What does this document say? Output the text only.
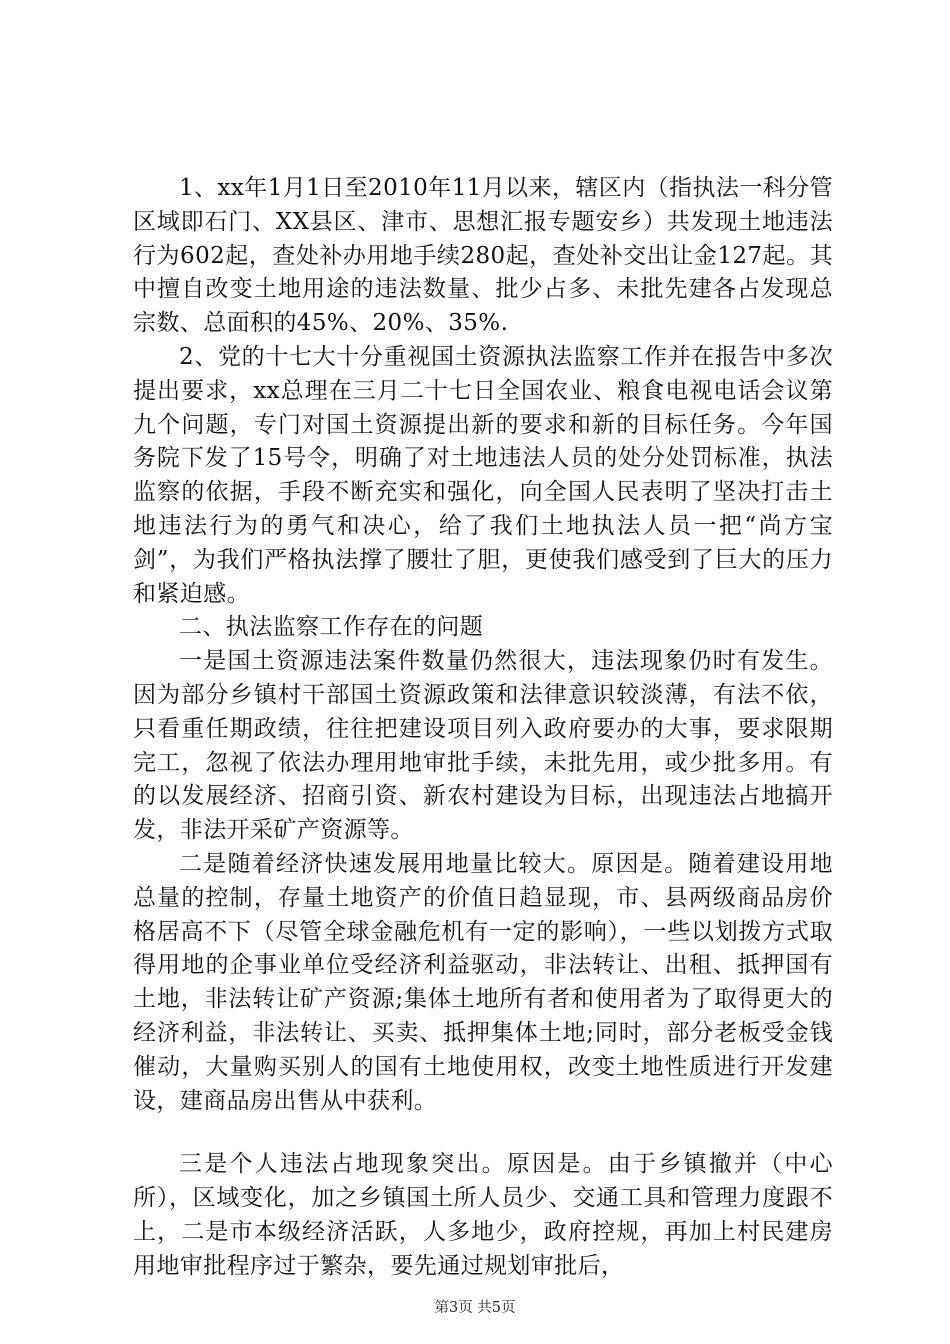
1、xx年1月1日至2010年11月以来，辖区内（指执法一科分管区域即石门、XX县区、津市、思想汇报专题安乡）共发现土地违法行为602起，查处补办用地手续280起，查处补交出让金127起。其中擅自改变土地用途的违法数量、批少占多、未批先建各占发现总宗数、总面积的45%、20%、35%.

2、党的十七大十分重视国土资源执法监察工作并在报告中多次提出要求，xx总理在三月二十七日全国农业、粮食电视电话会议第九个问题，专门对国土资源提出新的要求和新的目标任务。今年国务院下发了15号令，明确了对土地违法人员的处分处罚标准，执法监察的依据，手段不断充实和强化，向全国人民表明了坚决打击土地违法行为的勇气和决心，给了我们土地执法人员一把“尚方宝剑”，为我们严格执法撑了腰壮了胆，更使我们感受到了巨大的压力和紧迫感。

二、执法监察工作存在的问题

一是国土资源违法案件数量仍然很大，违法现象仍时有发生。因为部分乡镇村干部国土资源政策和法律意识较淡薄，有法不依，只看重任期政绩，往往把建设项目列入政府要办的大事，要求限期完工，忽视了依法办理用地审批手续，未批先用，或少批多用。有的以发展经济、招商引资、新农村建设为目标，出现违法占地搞开发，非法开采矿产资源等。

二是随着经济快速发展用地量比较大。原因是。随着建设用地总量的控制，存量土地资产的价值日趋显现，市、县两级商品房价格居高不下（尽管全球金融危机有一定的影响），一些以划拨方式取得用地的企事业单位受经济利益驱动，非法转让、出租、抵押国有土地，非法转让矿产资源;集体土地所有者和使用者为了取得更大的经济利益，非法转让、买卖、抵押集体土地;同时，部分老板受金钱催动，大量购买别人的国有土地使用权，改变土地性质进行开发建设，建商品房出售从中获利。

三是个人违法占地现象突出。原因是。由于乡镇撤并（中心所），区域变化，加之乡镇国土所人员少、交通工具和管理力度跟不上，二是市本级经济活跃，人多地少，政府控规，再加上村民建房用地审批程序过于繁杂，要先通过规划审批后，

第3页 共5页
